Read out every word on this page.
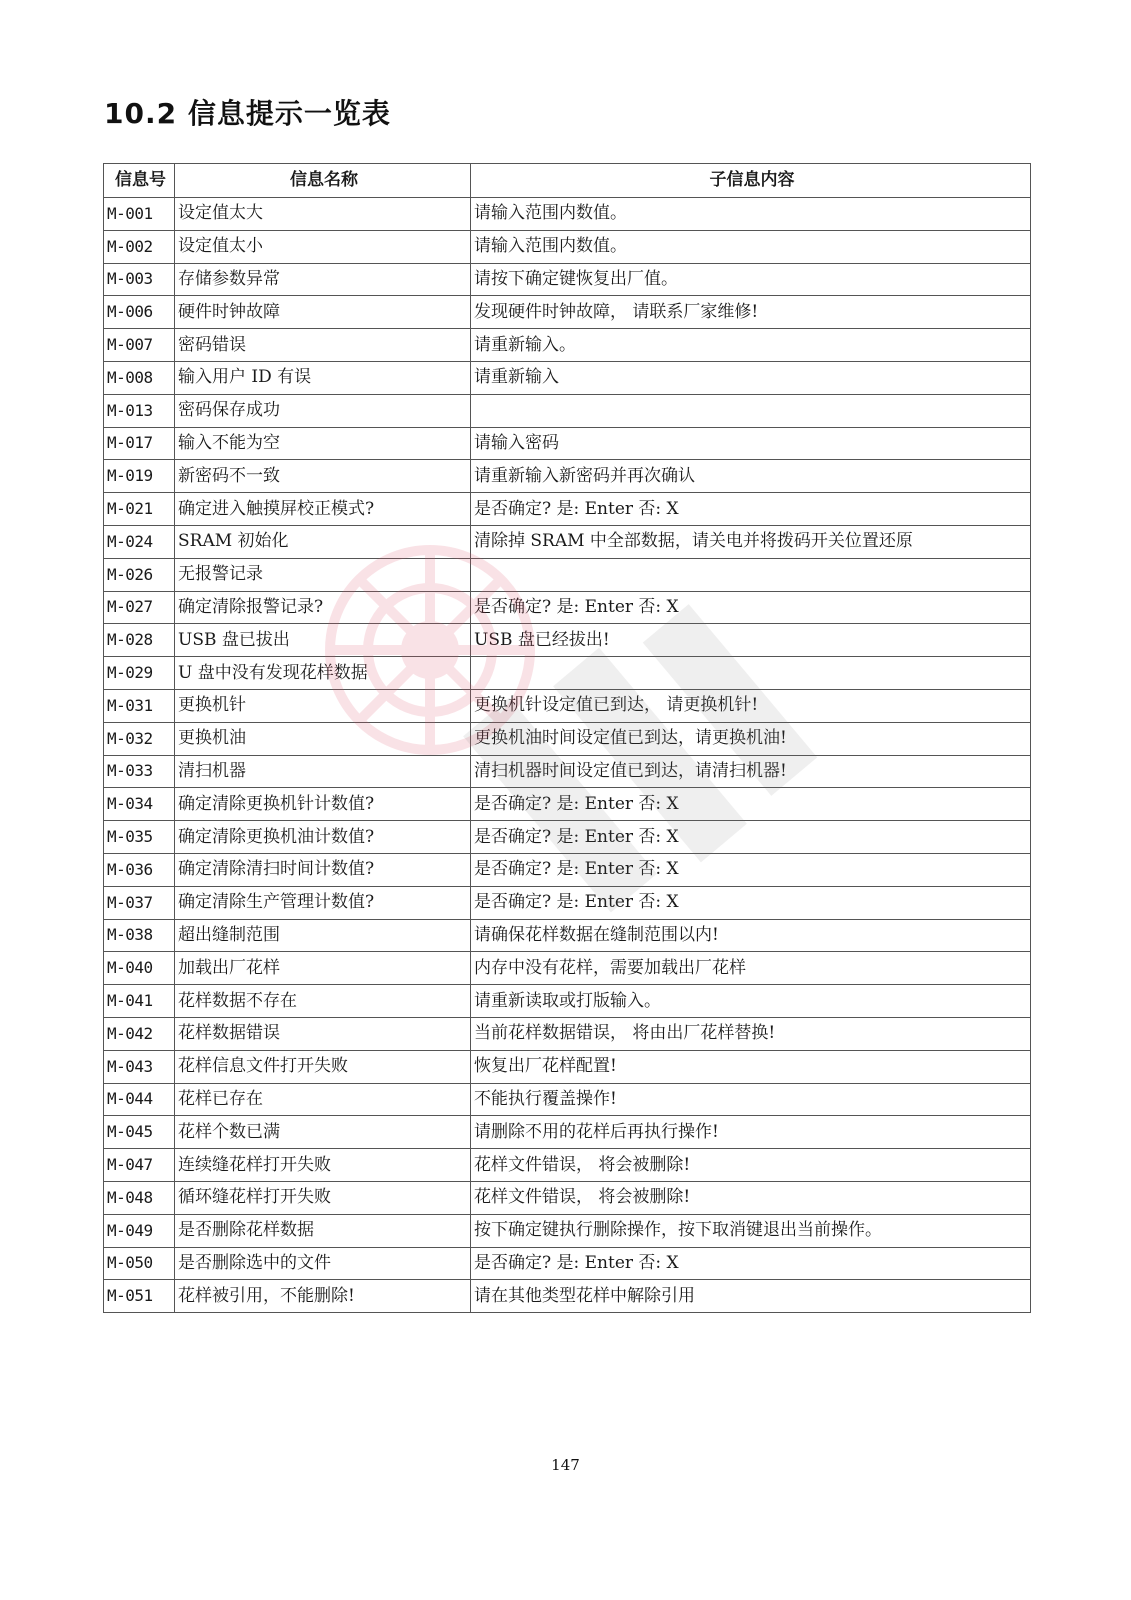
10.2 信息提示一览表
信息号	信息名称	子信息内容
M-001	设定值太大	请输入范围内数值。
M-002	设定值太小	请输入范围内数值。
M-003	存储参数异常	请按下确定键恢复出厂值。
M-006	硬件时钟故障	发现硬件时钟故障， 请联系厂家维修!
M-007	密码错误	请重新输入。
M-008	输入用户 ID 有误	请重新输入
M-013	密码保存成功	
M-017	输入不能为空	请输入密码
M-019	新密码不一致	请重新输入新密码并再次确认
M-021	确定进入触摸屏校正模式?	是否确定? 是: Enter 否: X
M-024	SRAM 初始化	清除掉 SRAM 中全部数据，请关电并将拨码开关位置还原
M-026	无报警记录	
M-027	确定清除报警记录?	是否确定? 是: Enter 否: X
M-028	USB 盘已拔出	USB 盘已经拔出!
M-029	U 盘中没有发现花样数据	
M-031	更换机针	更换机针设定值已到达， 请更换机针!
M-032	更换机油	更换机油时间设定值已到达，请更换机油!
M-033	清扫机器	清扫机器时间设定值已到达，请清扫机器!
M-034	确定清除更换机针计数值?	是否确定? 是: Enter 否: X
M-035	确定清除更换机油计数值?	是否确定? 是: Enter 否: X
M-036	确定清除清扫时间计数值?	是否确定? 是: Enter 否: X
M-037	确定清除生产管理计数值?	是否确定? 是: Enter 否: X
M-038	超出缝制范围	请确保花样数据在缝制范围以内!
M-040	加载出厂花样	内存中没有花样，需要加载出厂花样
M-041	花样数据不存在	请重新读取或打版输入。
M-042	花样数据错误	当前花样数据错误， 将由出厂花样替换!
M-043	花样信息文件打开失败	恢复出厂花样配置!
M-044	花样已存在	不能执行覆盖操作!
M-045	花样个数已满	请删除不用的花样后再执行操作!
M-047	连续缝花样打开失败	花样文件错误， 将会被删除!
M-048	循环缝花样打开失败	花样文件错误， 将会被删除!
M-049	是否删除花样数据	按下确定键执行删除操作，按下取消键退出当前操作。
M-050	是否删除选中的文件	是否确定? 是: Enter 否: X
M-051	花样被引用，不能删除!	请在其他类型花样中解除引用
147
